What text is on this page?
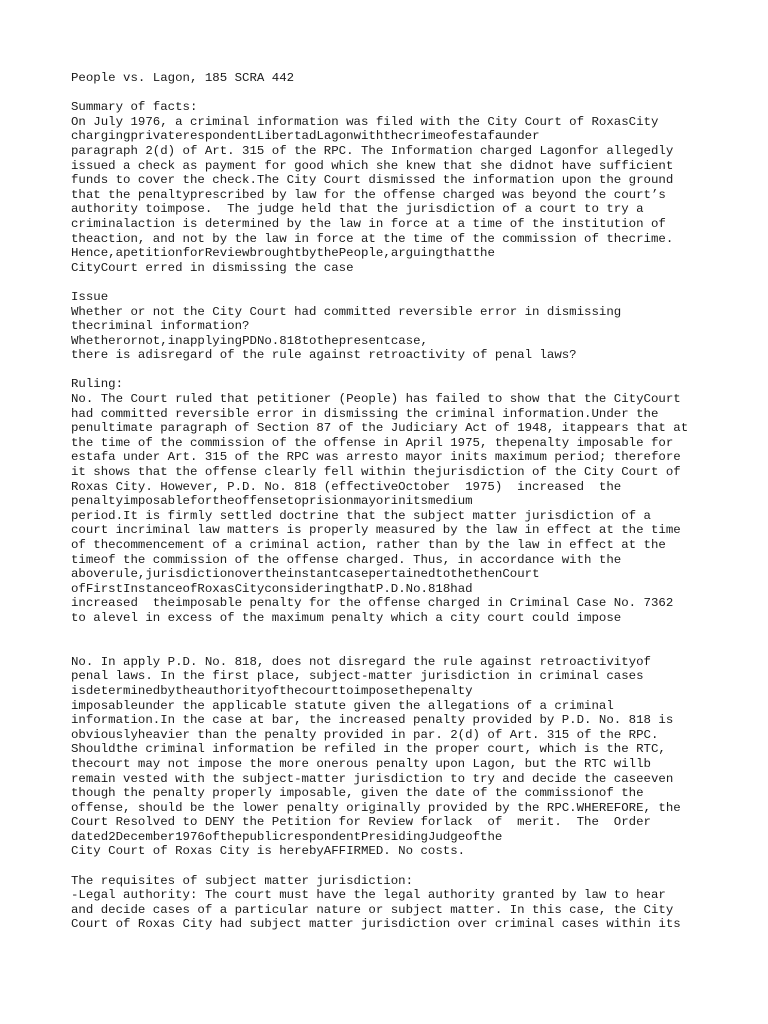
People vs. Lagon, 185 SCRA 442
Summary of facts:
On July 1976, a criminal information was filed with the City Court of RoxasCity
chargingprivaterespondentLibertadLagonwiththecrimeofestafaunder
paragraph 2(d) of Art. 315 of the RPC. The Information charged Lagonfor allegedly
issued a check as payment for good which she knew that she didnot have sufficient
funds to cover the check.The City Court dismissed the information upon the ground
that the penaltyprescribed by law for the offense charged was beyond the court’s
authority toimpose.  The judge held that the jurisdiction of a court to try a
criminalaction is determined by the law in force at a time of the institution of
theaction, and not by the law in force at the time of the commission of thecrime.
Hence,apetitionforReviewbroughtbythePeople,arguingthatthe
CityCourt erred in dismissing the case
Issue
Whether or not the City Court had committed reversible error in dismissing
thecriminal information?
Whetherornot,inapplyingPDNo.818tothepresentcase,
there is adisregard of the rule against retroactivity of penal laws?
Ruling:
No. The Court ruled that petitioner (People) has failed to show that the CityCourt
had committed reversible error in dismissing the criminal information.Under the
penultimate paragraph of Section 87 of the Judiciary Act of 1948, itappears that at
the time of the commission of the offense in April 1975, thepenalty imposable for
estafa under Art. 315 of the RPC was arresto mayor inits maximum period; therefore
it shows that the offense clearly fell within thejurisdiction of the City Court of
Roxas City. However, P.D. No. 818 (effectiveOctober  1975)  increased  the
penaltyimposablefortheoffensetoprisionmayorinitsmedium
period.It is firmly settled doctrine that the subject matter jurisdiction of a
court incriminal law matters is properly measured by the law in effect at the time
of thecommencement of a criminal action, rather than by the law in effect at the
timeof the commission of the offense charged. Thus, in accordance with the
aboverule,jurisdictionovertheinstantcasepertainedtothethenCourt
ofFirstInstanceofRoxasCityconsideringthatP.D.No.818had
increased  theimposable penalty for the offense charged in Criminal Case No. 7362
to alevel in excess of the maximum penalty which a city court could impose
No. In apply P.D. No. 818, does not disregard the rule against retroactivityof
penal laws. In the first place, subject-matter jurisdiction in criminal cases
isdeterminedbytheauthorityofthecourttoimposethepenalty
imposableunder the applicable statute given the allegations of a criminal
information.In the case at bar, the increased penalty provided by P.D. No. 818 is
obviouslyheavier than the penalty provided in par. 2(d) of Art. 315 of the RPC.
Shouldthe criminal information be refiled in the proper court, which is the RTC,
thecourt may not impose the more onerous penalty upon Lagon, but the RTC willb
remain vested with the subject-matter jurisdiction to try and decide the caseeven
though the penalty properly imposable, given the date of the commissionof the
offense, should be the lower penalty originally provided by the RPC.WHEREFORE, the
Court Resolved to DENY the Petition for Review forlack  of  merit.  The  Order
dated2December1976ofthepublicrespondentPresidingJudgeofthe
City Court of Roxas City is herebyAFFIRMED. No costs.
The requisites of subject matter jurisdiction:
-Legal authority: The court must have the legal authority granted by law to hear
and decide cases of a particular nature or subject matter. In this case, the City
Court of Roxas City had subject matter jurisdiction over criminal cases within its
